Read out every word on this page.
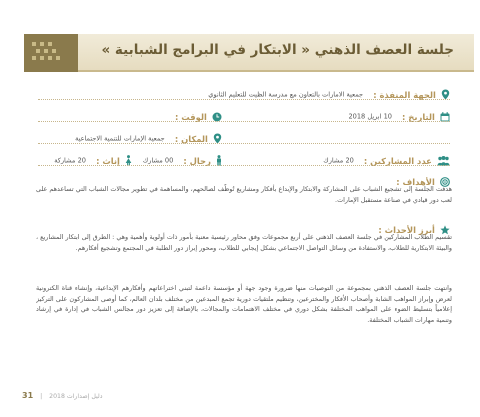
جلسة العصف الذهني « الابتكار في البرامج الشبابية »
الجهة المنفذة : جمعية الامارات بالتعاون مع مدرسة الظيت للتعليم الثانوي
التاريخ : 10 ابريل 2018
الوقت :
المكان : جمعية الإمارات للتنمية الاجتماعية
عدد المشاركين : 20 مشارك
رجال : 00 مشارك
إناث : 20 مشاركة
الأهداف :
هدفت الجلسة إلى تشجيع الشباب على المشاركة والابتكار والإبداع بأفكار ومشاريع تُوظّف لصالحهم، والمساهمة في تطوير مجالات الشباب التي تساعدهم على لعب دور قيادي في صناعة مستقبل الإمارات.
أبرز الأحداث :
تقسيم الطلاب المشاركين في جلسة العصف الذهني على أربع مجموعات وفق محاور رئيسية معنية بأمور ذات أولوية وأهمية وهي : الطرق إلى ابتكار المشاريع ، والبيئة الابتكارية للطلاب، والاستفادة من وسائل التواصل الاجتماعي بشكل إيجابي للطلاب، ومحور إبراز دور الطلبة في المجتمع وتشجيع أفكارهم.
وانتهت جلسة العصف الذهني بمجموعة من التوصيات منها ضرورة وجود جهة أو مؤسسة داعمة لتبني اختراعاتهم وأفكارهم الإبداعية، وإنشاء قناة الكترونية لعرض وإبراز المواهب الشابة وأصحاب الأفكار والمخترعين، وتنظيم ملتقيات دورية تجمع المبدعين من مختلف بلدان العالم، كما أوصى المشاركون على التركيز إعلامياً بتسليط الضوء على المواهب المختلفة بشكل دوري في مختلف الاهتمامات والمجالات، بالإضافة إلى تعزيز دور مجالس الشباب في إدارة في إرشاد وتنمية مهارات الشباب المختلفة.
31 | دليل إصدارات 2018
